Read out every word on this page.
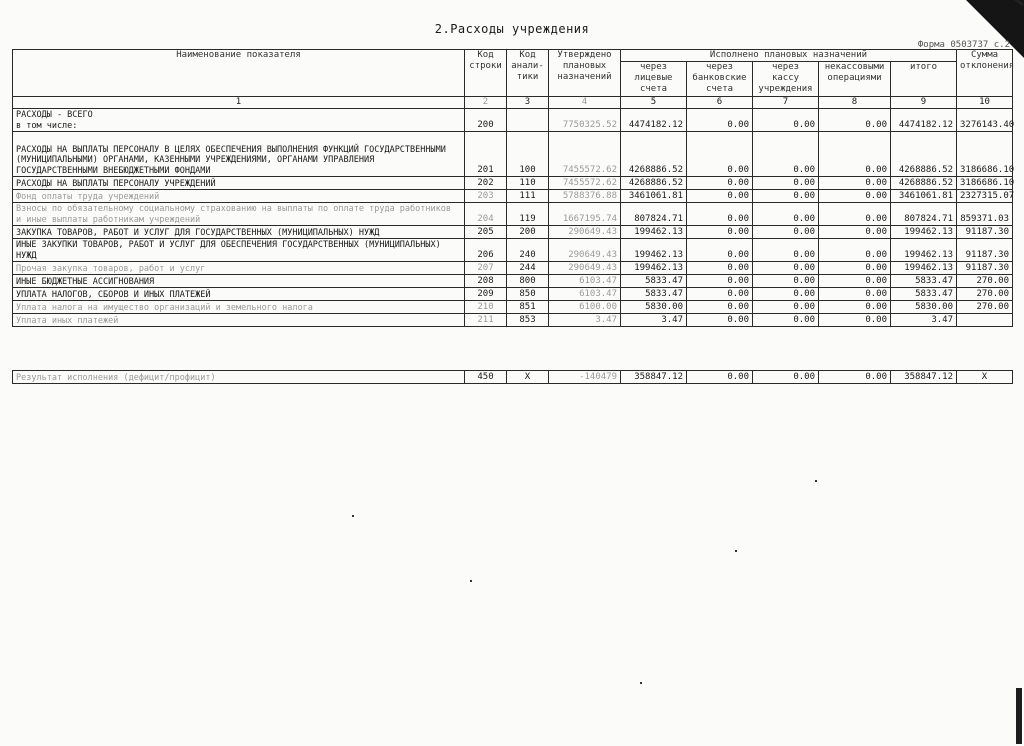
2.Расходы учреждения
Форма 0503737 с.2
Наименование показателя	Код строки	Код анали-тики	Утверждено плановых назначений	Исполнено плановых назначений					Сумма отклонения
				через лицевые счета	через банковские счета	через кассу учреждения	некассовыми операциями	итого	
1	2	3	4	5	6	7	8	9	10
РАСХОДЫ - ВСЕГО
в том числе:	200		7750325.52	4474182.12	0.00	0.00	0.00	4474182.12	3276143.40
РАСХОДЫ НА ВЫПЛАТЫ ПЕРСОНАЛУ В ЦЕЛЯХ ОБЕСПЕЧЕНИЯ ВЫПОЛНЕНИЯ ФУНКЦИЙ ГОСУДАРСТВЕННЫМИ (МУНИЦИПАЛЬНЫМИ) ОРГАНАМИ, КАЗЕННЫМИ УЧРЕЖДЕНИЯМИ, ОРГАНАМИ УПРАВЛЕНИЯ ГОСУДАРСТВЕННЫМИ ВНЕБЮДЖЕТНЫМИ ФОНДАМИ	201	100	7455572.62	4268886.52	0.00	0.00	0.00	4268886.52	3186686.10
РАСХОДЫ НА ВЫПЛАТЫ ПЕРСОНАЛУ УЧРЕЖДЕНИЙ	202	110	7455572.62	4268886.52	0.00	0.00	0.00	4268886.52	3186686.10
Фонд оплаты труда учреждений	203	111	5788376.88	3461061.81	0.00	0.00	0.00	3461061.81	2327315.07
Взносы по обязательному социальному страхованию на выплаты по оплате труда работников и иные выплаты работникам учреждений	204	119	1667195.74	807824.71	0.00	0.00	0.00	807824.71	859371.03
ЗАКУПКА ТОВАРОВ, РАБОТ И УСЛУГ ДЛЯ ГОСУДАРСТВЕННЫХ (МУНИЦИПАЛЬНЫХ) НУЖД	205	200	290649.43	199462.13	0.00	0.00	0.00	199462.13	91187.30
ИНЫЕ ЗАКУПКИ ТОВАРОВ, РАБОТ И УСЛУГ ДЛЯ ОБЕСПЕЧЕНИЯ ГОСУДАРСТВЕННЫХ (МУНИЦИПАЛЬНЫХ) НУЖД	206	240	290649.43	199462.13	0.00	0.00	0.00	199462.13	91187.30
Прочая закупка товаров, работ и услуг	207	244	290649.43	199462.13	0.00	0.00	0.00	199462.13	91187.30
ИНЫЕ БЮДЖЕТНЫЕ АССИГНОВАНИЯ	208	800	6103.47	5833.47	0.00	0.00	0.00	5833.47	270.00
УПЛАТА НАЛОГОВ, СБОРОВ И ИНЫХ ПЛАТЕЖЕЙ	209	850	6103.47	5833.47	0.00	0.00	0.00	5833.47	270.00
Уплата налога на имущество организаций и земельного налога	210	851	6100.00	5830.00	0.00	0.00	0.00	5830.00	270.00
Уплата иных платежей	211	853	3.47	3.47	0.00	0.00	0.00	3.47	
Результат исполнения (дефицит/профицит)	450	X	-140479	358847.12	0.00	0.00	0.00	358847.12	X
